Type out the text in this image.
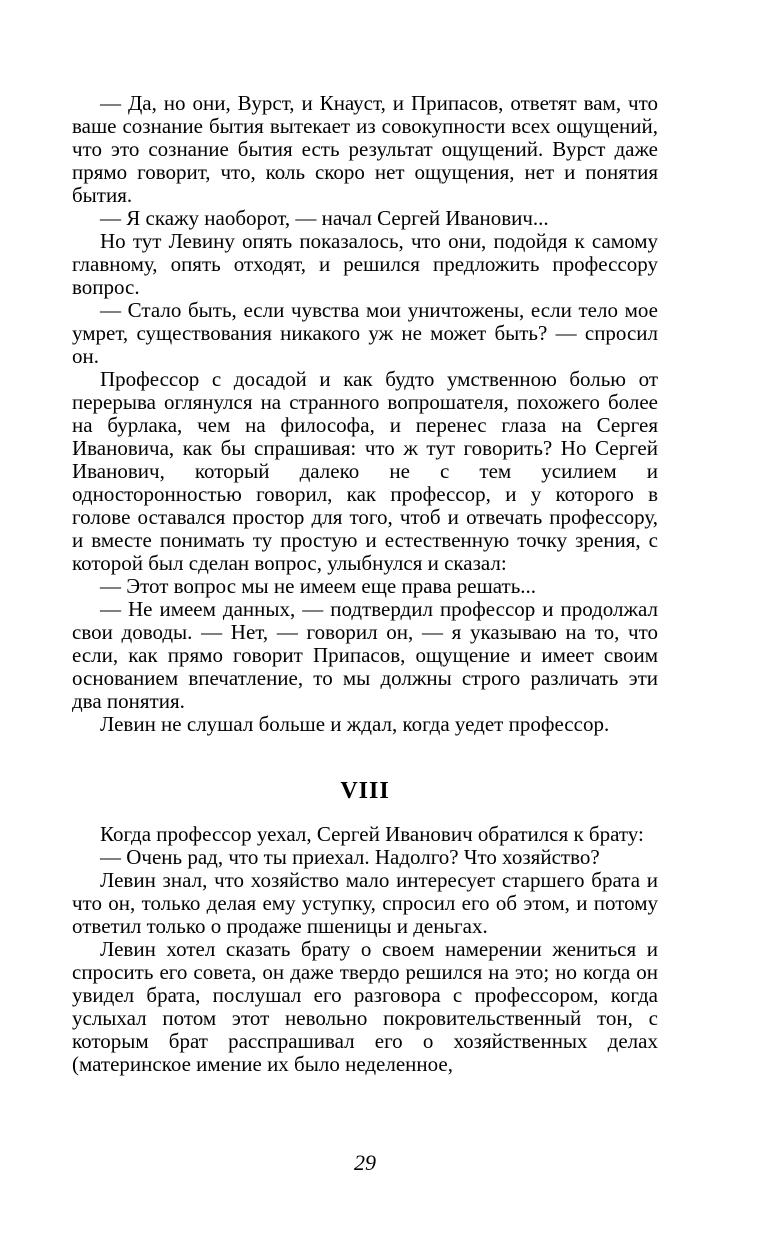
— Да, но они, Вурст, и Кнауст, и Припасов, ответят вам, что ваше сознание бытия вытекает из совокупности всех ощущений, что это сознание бытия есть результат ощущений. Вурст даже прямо говорит, что, коль скоро нет ощущения, нет и понятия бытия.

— Я скажу наоборот, — начал Сергей Иванович...

Но тут Левину опять показалось, что они, подойдя к самому главному, опять отходят, и решился предложить профессору вопрос.

— Стало быть, если чувства мои уничтожены, если тело мое умрет, существования никакого уж не может быть? — спросил он.

Профессор с досадой и как будто умственною болью от перерыва оглянулся на странного вопрошателя, похожего более на бурлака, чем на философа, и перенес глаза на Сергея Ивановича, как бы спрашивая: что ж тут говорить? Но Сергей Иванович, который далеко не с тем усилием и односторонностью говорил, как профессор, и у которого в голове оставался простор для того, чтоб и отвечать профессору, и вместе понимать ту простую и естественную точку зрения, с которой был сделан вопрос, улыбнулся и сказал:

— Этот вопрос мы не имеем еще права решать...

— Не имеем данных, — подтвердил профессор и продолжал свои доводы. — Нет, — говорил он, — я указываю на то, что если, как прямо говорит Припасов, ощущение и имеет своим основанием впечатление, то мы должны строго различать эти два понятия.

Левин не слушал больше и ждал, когда уедет профессор.

VIII

Когда профессор уехал, Сергей Иванович обратился к брату:

— Очень рад, что ты приехал. Надолго? Что хозяйство?

Левин знал, что хозяйство мало интересует старшего брата и что он, только делая ему уступку, спросил его об этом, и потому ответил только о продаже пшеницы и деньгах.

Левин хотел сказать брату о своем намерении жениться и спросить его совета, он даже твердо решился на это; но когда он увидел брата, послушал его разговора с профессором, когда услыхал потом этот невольно покровительственный тон, с которым брат расспрашивал его о хозяйственных делах (материнское имение их было неделенное,

29
